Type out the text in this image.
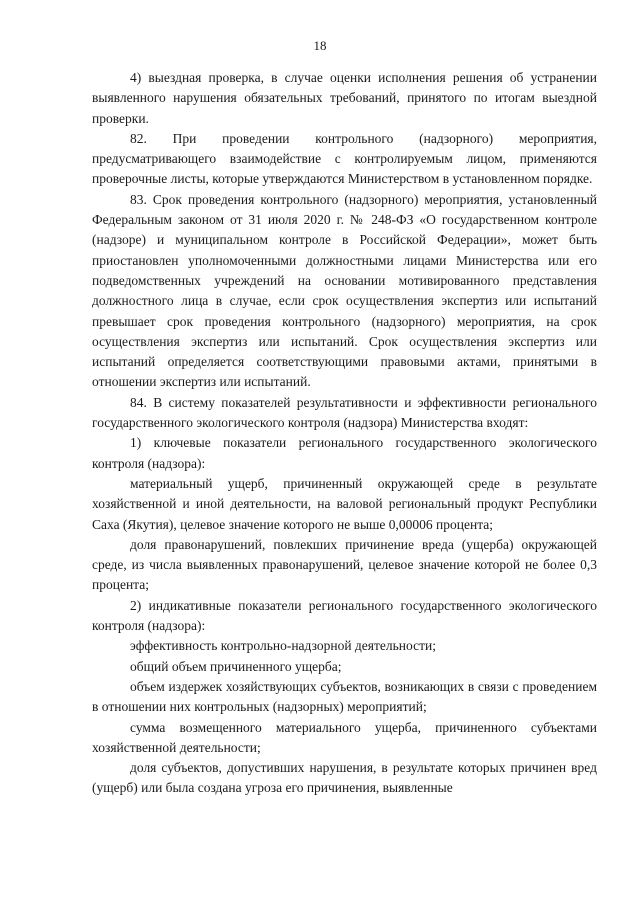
18

4) выездная проверка, в случае оценки исполнения решения об устранении выявленного нарушения обязательных требований, принятого по итогам выездной проверки.

82. При проведении контрольного (надзорного) мероприятия, предусматривающего взаимодействие с контролируемым лицом, применяются проверочные листы, которые утверждаются Министерством в установленном порядке.

83. Срок проведения контрольного (надзорного) мероприятия, установленный Федеральным законом от 31 июля 2020 г. № 248-ФЗ «О государственном контроле (надзоре) и муниципальном контроле в Российской Федерации», может быть приостановлен уполномоченными должностными лицами Министерства или его подведомственных учреждений на основании мотивированного представления должностного лица в случае, если срок осуществления экспертиз или испытаний превышает срок проведения контрольного (надзорного) мероприятия, на срок осуществления экспертиз или испытаний. Срок осуществления экспертиз или испытаний определяется соответствующими правовыми актами, принятыми в отношении экспертиз или испытаний.

84. В систему показателей результативности и эффективности регионального государственного экологического контроля (надзора) Министерства входят:

1) ключевые показатели регионального государственного экологического контроля (надзора):

материальный ущерб, причиненный окружающей среде в результате хозяйственной и иной деятельности, на валовой региональный продукт Республики Саха (Якутия), целевое значение которого не выше 0,00006 процента;

доля правонарушений, повлекших причинение вреда (ущерба) окружающей среде, из числа выявленных правонарушений, целевое значение которой не более 0,3 процента;

2) индикативные показатели регионального государственного экологического контроля (надзора):

эффективность контрольно-надзорной деятельности;

общий объем причиненного ущерба;

объем издержек хозяйствующих субъектов, возникающих в связи с проведением в отношении них контрольных (надзорных) мероприятий;

сумма возмещенного материального ущерба, причиненного субъектами хозяйственной деятельности;

доля субъектов, допустивших нарушения, в результате которых причинен вред (ущерб) или была создана угроза его причинения, выявленные
